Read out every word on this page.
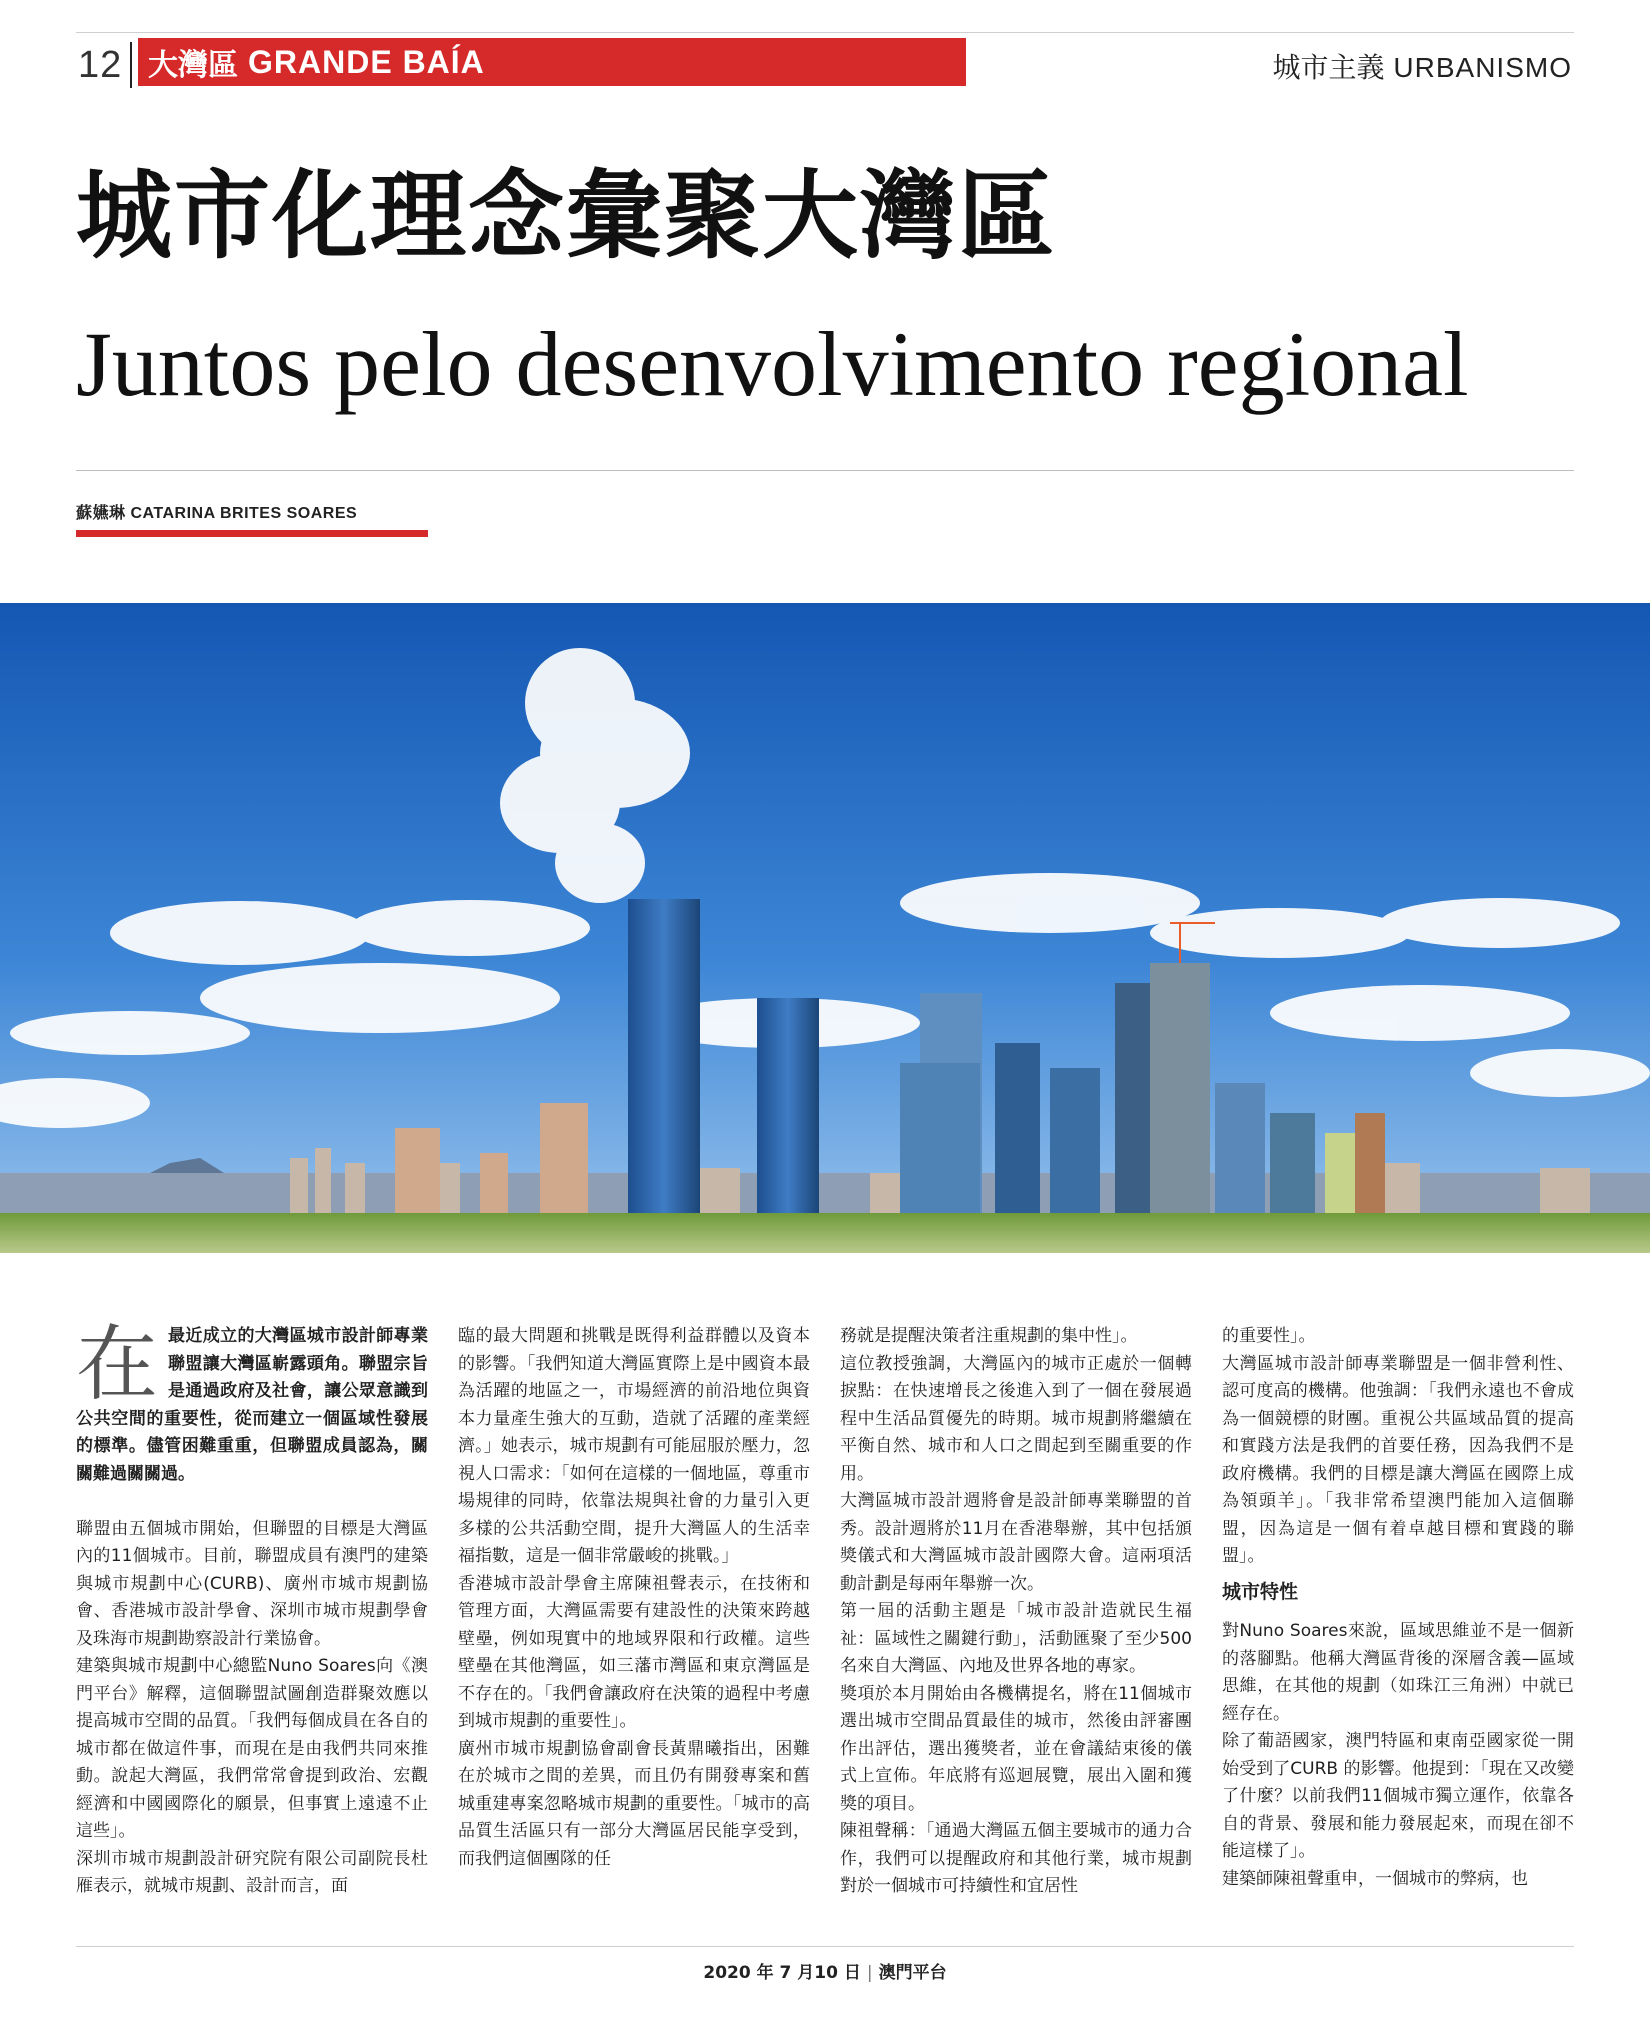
12 大灣區 GRANDE BAÍA	城市主義 URBANISMO
城市化理念彙聚大灣區
Juntos pelo desenvolvimento regional
蘇嬿琳 CATARINA BRITES SOARES

在最近成立的大灣區城市設計師專業聯盟讓大灣區嶄露頭角。聯盟宗旨是通過政府及社會，讓公眾意識到公共空間的重要性，從而建立一個區域性發展的標準。儘管困難重重，但聯盟成員認為，關關難過關關過。

聯盟由五個城市開始，但聯盟的目標是大灣區內的11個城市。目前，聯盟成員有澳門的建築與城市規劃中心(CURB)、廣州市城市規劃協會、香港城市設計學會、深圳市城市規劃學會及珠海市規劃勘察設計行業協會。

建築與城市規劃中心總監Nuno Soares向《澳門平台》解釋，這個聯盟試圖創造群聚效應以提高城市空間的品質。「我們每個成員在各自的城市都在做這件事，而現在是由我們共同來推動。說起大灣區，我們常常會提到政治、宏觀經濟和中國國際化的願景，但事實上遠遠不止這些」。

深圳市城市規劃設計研究院有限公司副院長杜雁表示，就城市規劃、設計而言，面

臨的最大問題和挑戰是既得利益群體以及資本的影響。「我們知道大灣區實際上是中國資本最為活躍的地區之一，市場經濟的前沿地位與資本力量產生強大的互動，造就了活躍的產業經濟。」她表示，城市規劃有可能屈服於壓力，忽視人口需求：「如何在這樣的一個地區，尊重市場規律的同時，依靠法規與社會的力量引入更多樣的公共活動空間，提升大灣區人的生活幸福指數，這是一個非常嚴峻的挑戰。」

香港城市設計學會主席陳祖聲表示，在技術和管理方面，大灣區需要有建設性的決策來跨越壁壘，例如現實中的地域界限和行政權。這些壁壘在其他灣區，如三藩市灣區和東京灣區是不存在的。「我們會讓政府在決策的過程中考慮到城市規劃的重要性」。

廣州市城市規劃協會副會長黃鼎曦指出，困難在於城市之間的差異，而且仍有開發專案和舊城重建專案忽略城市規劃的重要性。「城市的高品質生活區只有一部分大灣區居民能享受到，而我們這個團隊的任

務就是提醒決策者注重規劃的集中性」。

這位教授強調，大灣區內的城市正處於一個轉捩點：在快速增長之後進入到了一個在發展過程中生活品質優先的時期。城市規劃將繼續在平衡自然、城市和人口之間起到至關重要的作用。

大灣區城市設計週將會是設計師專業聯盟的首秀。設計週將於11月在香港舉辦，其中包括頒獎儀式和大灣區城市設計國際大會。這兩項活動計劃是每兩年舉辦一次。

第一屆的活動主題是「城市設計造就民生福祉：區域性之關鍵行動」，活動匯聚了至少500名來自大灣區、內地及世界各地的專家。

獎項於本月開始由各機構提名，將在11個城市選出城市空間品質最佳的城市，然後由評審團作出評估，選出獲獎者，並在會議結束後的儀式上宣佈。年底將有巡迴展覽，展出入圍和獲獎的項目。

陳祖聲稱：「通過大灣區五個主要城市的通力合作，我們可以提醒政府和其他行業，城市規劃對於一個城市可持續性和宜居性

的重要性」。

大灣區城市設計師專業聯盟是一個非營利性、認可度高的機構。他強調：「我們永遠也不會成為一個競標的財團。重視公共區域品質的提高和實踐方法是我們的首要任務，因為我們不是政府機構。我們的目標是讓大灣區在國際上成為領頭羊」。「我非常希望澳門能加入這個聯盟，因為這是一個有着卓越目標和實踐的聯盟」。

城市特性

對Nuno Soares來說，區域思維並不是一個新的落腳點。他稱大灣區背後的深層含義—區域思維，在其他的規劃（如珠江三角洲）中就已經存在。

除了葡語國家，澳門特區和東南亞國家從一開始受到了CURB 的影響。他提到：「現在又改變了什麼？以前我們11個城市獨立運作，依靠各自的背景、發展和能力發展起來，而現在卻不能這樣了」。

建築師陳祖聲重申，一個城市的弊病，也

2020 年 7 月10 日 | 澳門平台
